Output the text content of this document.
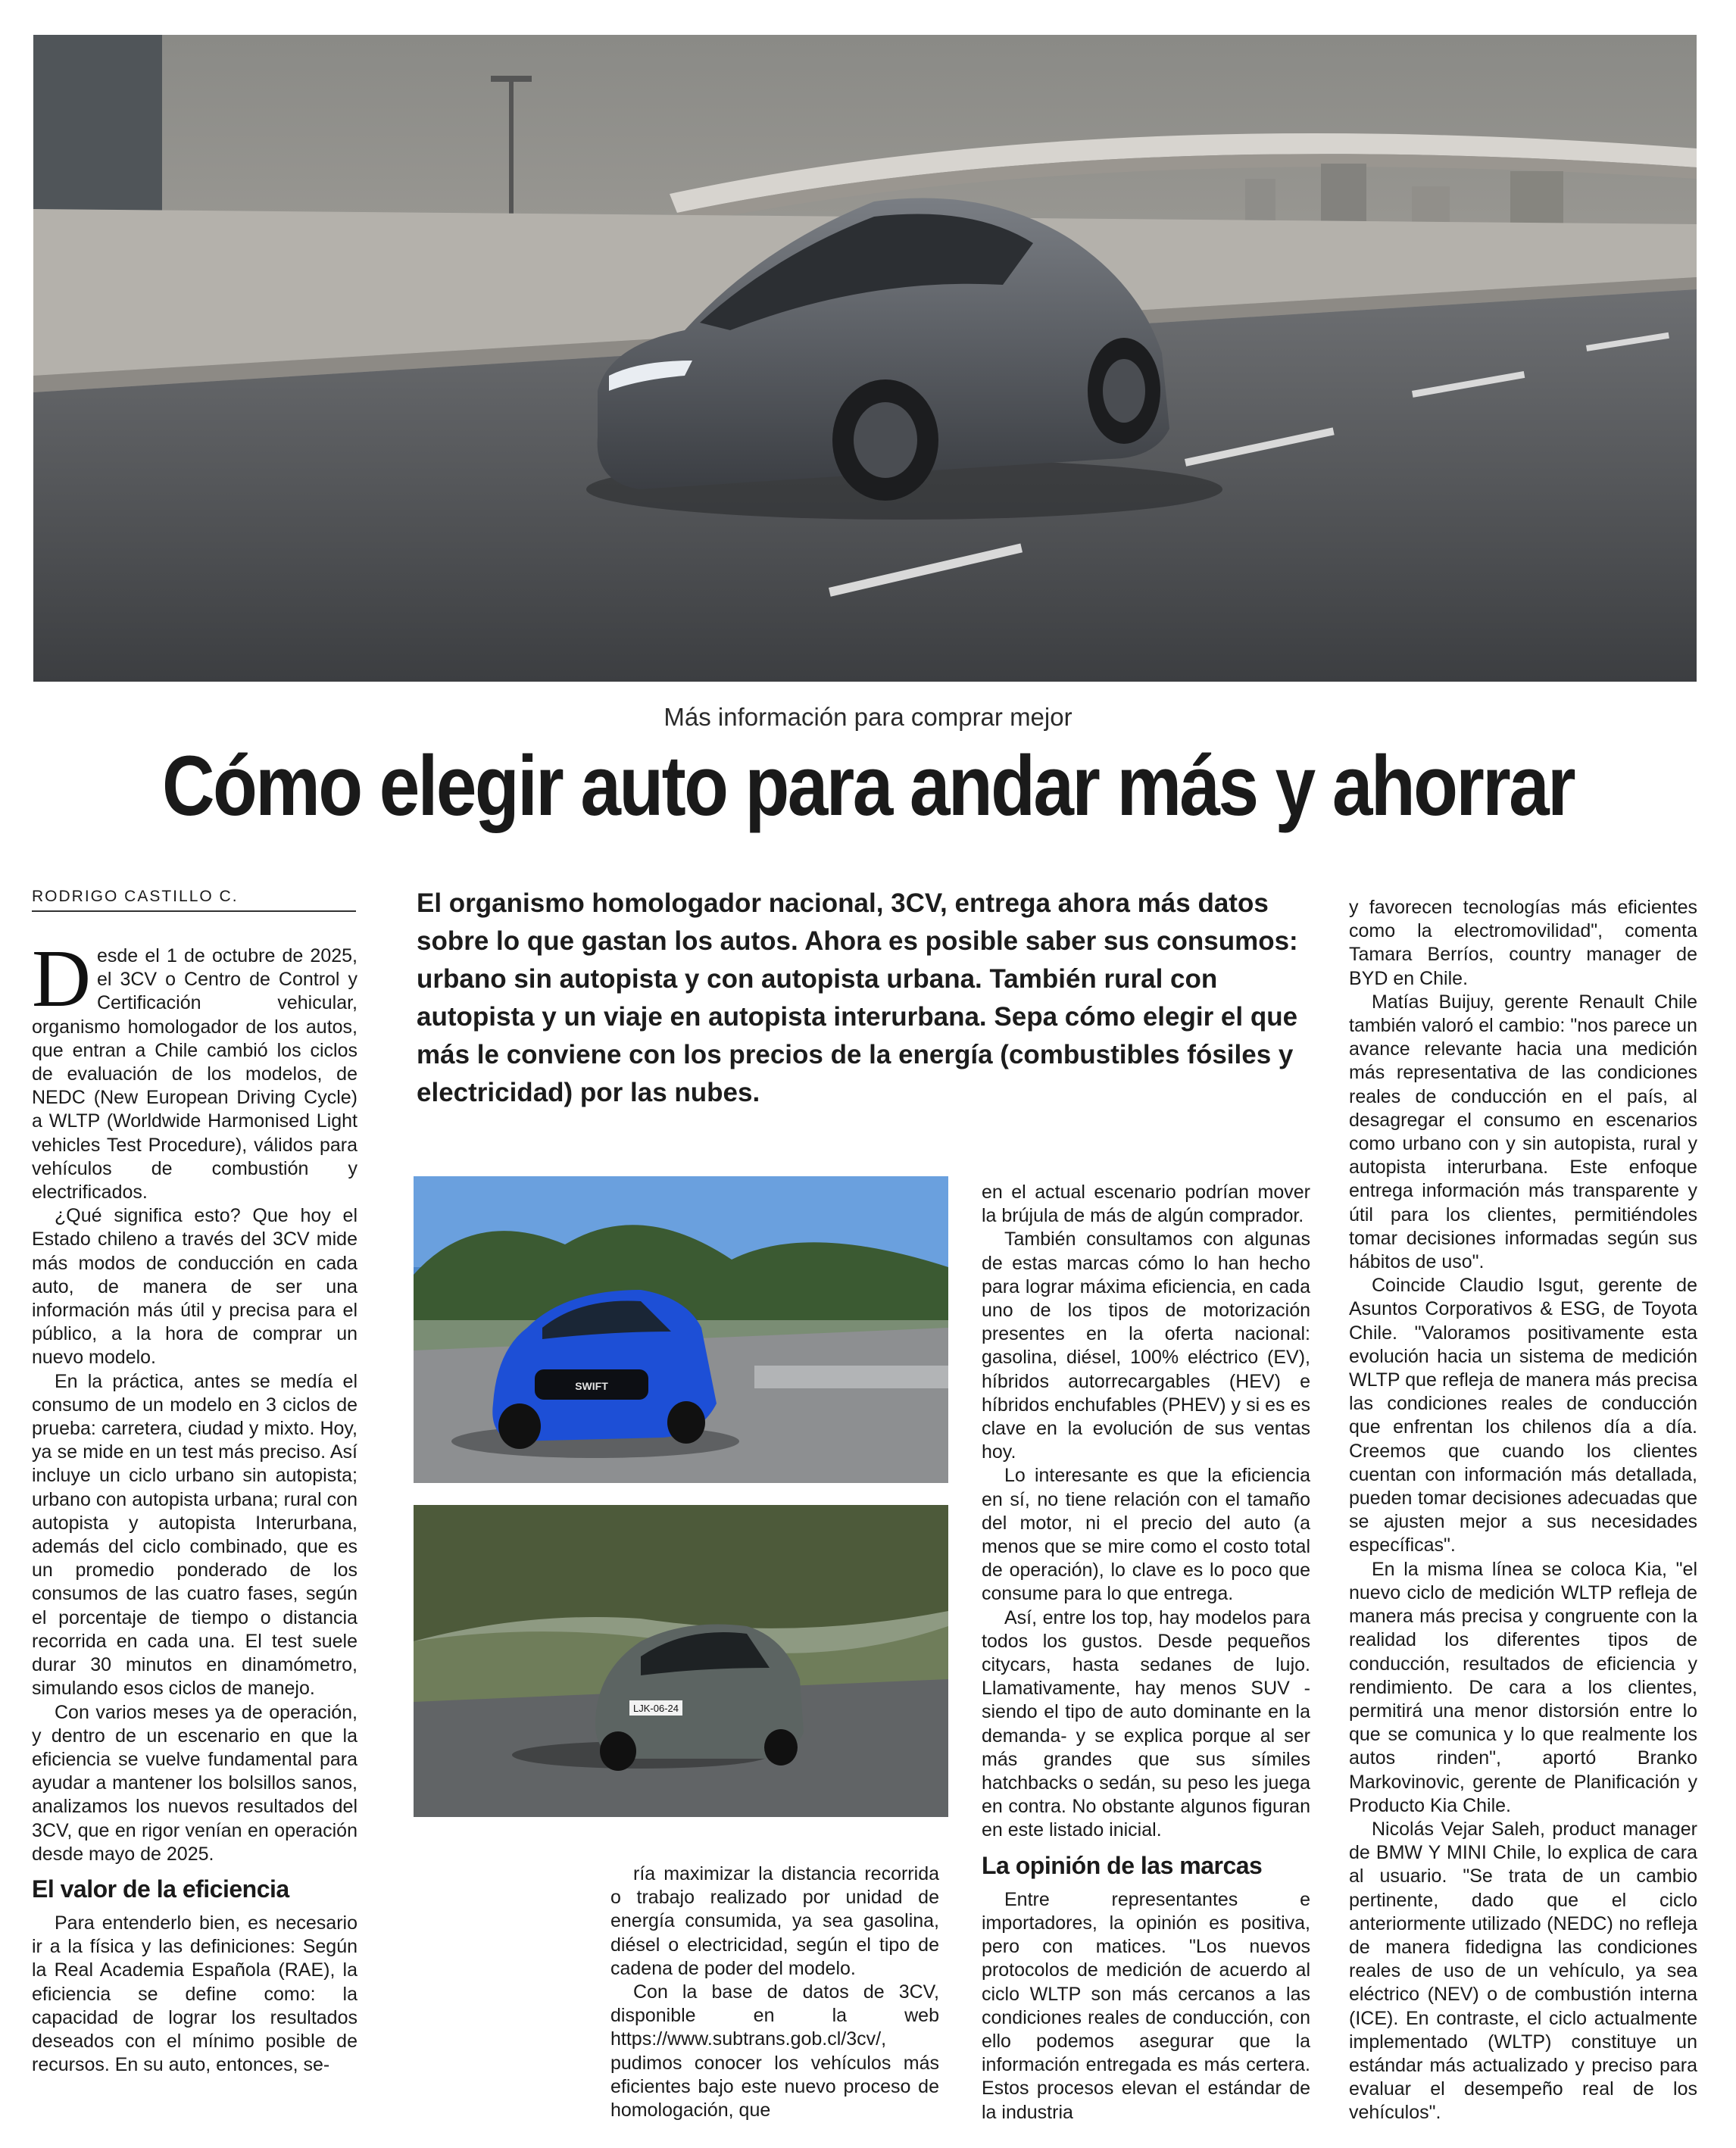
Más información para comprar mejor
Cómo elegir auto para andar más y ahorrar
RODRIGO CASTILLO C.	El organismo homologador nacional, 3CV, entrega ahora más datos sobre lo que gastan los autos. Ahora es posible saber sus consumos: urbano sin autopista y con autopista urbana. También rural con autopista y un viaje en autopista interurbana. Sepa cómo elegir el que más le conviene con los precios de la energía (combustibles fósiles y electricidad) por las nubes.

Desde el 1 de octubre de 2025, el 3CV o Centro de Control y Certificación vehicular, organismo homologador de los autos, que entran a Chile cambió los ciclos de evaluación de los modelos, de NEDC (New European Driving Cycle) a WLTP (Worldwide Harmonised Light vehicles Test Procedure), válidos para vehículos de combustión y electrificados.

¿Qué significa esto? Que hoy el Estado chileno a través del 3CV mide más modos de conducción en cada auto, de manera de ser una información más útil y precisa para el público, a la hora de comprar un nuevo modelo.

En la práctica, antes se medía el consumo de un modelo en 3 ciclos de prueba: carretera, ciudad y mixto. Hoy, ya se mide en un test más preciso. Así incluye un ciclo urbano sin autopista; urbano con autopista urbana; rural con autopista y autopista Interurbana, además del ciclo combinado, que es un promedio ponderado de los consumos de las cuatro fases, según el porcentaje de tiempo o distancia recorrida en cada una. El test suele durar 30 minutos en dinamómetro, simulando esos ciclos de manejo.

Con varios meses ya de operación, y dentro de un escenario en que la eficiencia se vuelve fundamental para ayudar a mantener los bolsillos sanos, analizamos los nuevos resultados del 3CV, que en rigor venían en operación desde mayo de 2025.

El valor de la eficiencia

Para entenderlo bien, es necesario ir a la física y las definiciones: Según la Real Academia Española (RAE), la eficiencia se define como: la capacidad de lograr los resultados deseados con el mínimo posible de recursos. En su auto, entonces, se-

SWIFT
LJK-06-24

ría maximizar la distancia recorrida o trabajo realizado por unidad de energía consumida, ya sea gasolina, diésel o electricidad, según el tipo de cadena de poder del modelo.

Con la base de datos de 3CV, disponible en la web https://www.subtrans.gob.cl/3cv/, pudimos conocer los vehículos más eficientes bajo este nuevo proceso de homologación, que

en el actual escenario podrían mover la brújula de más de algún comprador.

También consultamos con algunas de estas marcas cómo lo han hecho para lograr máxima eficiencia, en cada uno de los tipos de motorización presentes en la oferta nacional: gasolina, diésel, 100% eléctrico (EV), híbridos autorrecargables (HEV) e híbridos enchufables (PHEV) y si es es clave en la evolución de sus ventas hoy.

Lo interesante es que la eficiencia en sí, no tiene relación con el tamaño del motor, ni el precio del auto (a menos que se mire como el costo total de operación), lo clave es lo poco que consume para lo que entrega.

Así, entre los top, hay modelos para todos los gustos. Desde pequeños citycars, hasta sedanes de lujo. Llamativamente, hay menos SUV -siendo el tipo de auto dominante en la demanda- y se explica porque al ser más grandes que sus símiles hatchbacks o sedán, su peso les juega en contra. No obstante algunos figuran en este listado inicial.

La opinión de las marcas

Entre representantes e importadores, la opinión es positiva, pero con matices. "Los nuevos protocolos de medición de acuerdo al ciclo WLTP son más cercanos a las condiciones reales de conducción, con ello podemos asegurar que la información entregada es más certera. Estos procesos elevan el estándar de la industria

y favorecen tecnologías más eficientes como la electromovilidad", comenta Tamara Berríos, country manager de BYD en Chile.

Matías Buijuy, gerente Renault Chile también valoró el cambio: "nos parece un avance relevante hacia una medición más representativa de las condiciones reales de conducción en el país, al desagregar el consumo en escenarios como urbano con y sin autopista, rural y autopista interurbana. Este enfoque entrega información más transparente y útil para los clientes, permitiéndoles tomar decisiones informadas según sus hábitos de uso".

Coincide Claudio Isgut, gerente de Asuntos Corporativos & ESG, de Toyota Chile. "Valoramos positivamente esta evolución hacia un sistema de medición WLTP que refleja de manera más precisa las condiciones reales de conducción que enfrentan los chilenos día a día. Creemos que cuando los clientes cuentan con información más detallada, pueden tomar decisiones adecuadas que se ajusten mejor a sus necesidades específicas".

En la misma línea se coloca Kia, "el nuevo ciclo de medición WLTP refleja de manera más precisa y congruente con la realidad los diferentes tipos de conducción, resultados de eficiencia y rendimiento. De cara a los clientes, permitirá una menor distorsión entre lo que se comunica y lo que realmente los autos rinden", aportó Branko Markovinovic, gerente de Planificación y Producto Kia Chile.

Nicolás Vejar Saleh, product manager de BMW Y MINI Chile, lo explica de cara al usuario. "Se trata de un cambio pertinente, dado que el ciclo anteriormente utilizado (NEDC) no refleja de manera fidedigna las condiciones reales de uso de un vehículo, ya sea eléctrico (NEV) o de combustión interna (ICE). En contraste, el ciclo actualmente implementado (WLTP) constituye un estándar más actualizado y preciso para evaluar el desempeño real de los vehículos".
